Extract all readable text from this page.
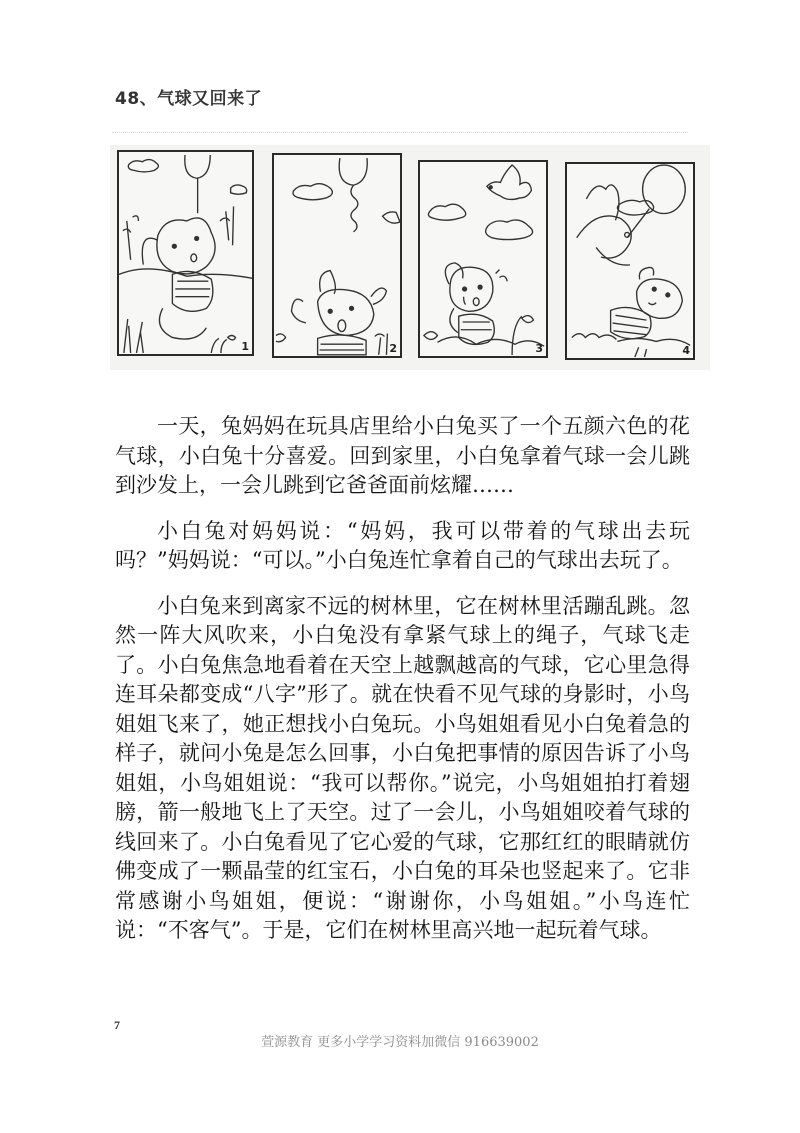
48、气球又回来了
1	2	3	4

一天，兔妈妈在玩具店里给小白兔买了一个五颜六色的花气球，小白兔十分喜爱。回到家里，小白兔拿着气球一会儿跳到沙发上，一会儿跳到它爸爸面前炫耀……

小白兔对妈妈说：“妈妈，我可以带着的气球出去玩吗？”妈妈说：“可以。”小白兔连忙拿着自己的气球出去玩了。

小白兔来到离家不远的树林里，它在树林里活蹦乱跳。忽然一阵大风吹来，小白兔没有拿紧气球上的绳子，气球飞走了。小白兔焦急地看着在天空上越飘越高的气球，它心里急得连耳朵都变成“八字”形了。就在快看不见气球的身影时，小鸟姐姐飞来了，她正想找小白兔玩。小鸟姐姐看见小白兔着急的样子，就问小兔是怎么回事，小白兔把事情的原因告诉了小鸟姐姐，小鸟姐姐说：“我可以帮你。”说完，小鸟姐姐拍打着翅膀，箭一般地飞上了天空。过了一会儿，小鸟姐姐咬着气球的线回来了。小白兔看见了它心爱的气球，它那红红的眼睛就仿佛变成了一颗晶莹的红宝石，小白兔的耳朵也竖起来了。它非常感谢小鸟姐姐，便说：“谢谢你，小鸟姐姐。”小鸟连忙说：“不客气”。于是，它们在树林里高兴地一起玩着气球。

7
萱源教育 更多小学学习资料加微信 916639002
